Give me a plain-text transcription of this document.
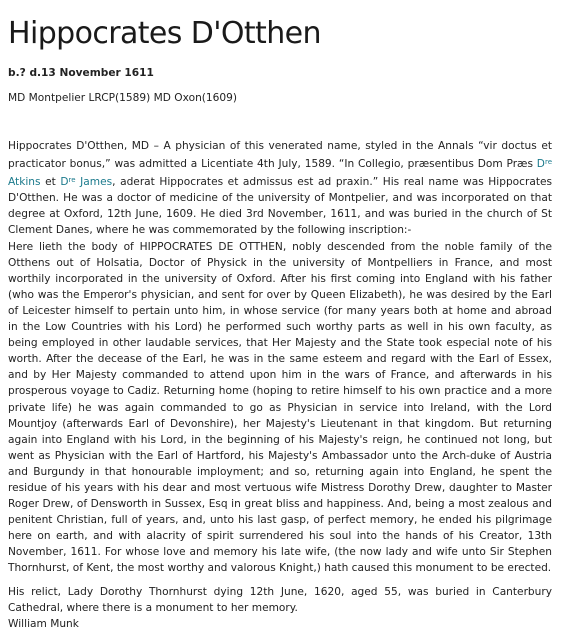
Hippocrates D'Otthen
b.? d.13 November 1611
MD Montpelier LRCP(1589) MD Oxon(1609)

Hippocrates D'Otthen, MD – A physician of this venerated name, styled in the Annals “vir doctus et practicator bonus,” was admitted a Licentiate 4th July, 1589. “In Collegio, præsentibus Dom Præs Dre Atkins et Dre James, aderat Hippocrates et admissus est ad praxin.” His real name was Hippocrates D'Otthen. He was a doctor of medicine of the university of Montpelier, and was incorporated on that degree at Oxford, 12th June, 1609. He died 3rd November, 1611, and was buried in the church of St Clement Danes, where he was commemorated by the following inscription:-

Here lieth the body of HIPPOCRATES DE OTTHEN, nobly descended from the noble family of the Otthens out of Holsatia, Doctor of Physick in the university of Montpelliers in France, and most worthily incorporated in the university of Oxford. After his first coming into England with his father (who was the Emperor's physician, and sent for over by Queen Elizabeth), he was desired by the Earl of Leicester himself to pertain unto him, in whose service (for many years both at home and abroad in the Low Countries with his Lord) he performed such worthy parts as well in his own faculty, as being employed in other laudable services, that Her Majesty and the State took especial note of his worth. After the decease of the Earl, he was in the same esteem and regard with the Earl of Essex, and by Her Majesty commanded to attend upon him in the wars of France, and afterwards in his prosperous voyage to Cadiz. Returning home (hoping to retire himself to his own practice and a more private life) he was again commanded to go as Physician in service into Ireland, with the Lord Mountjoy (afterwards Earl of Devonshire), her Majesty's Lieutenant in that kingdom. But returning again into England with his Lord, in the beginning of his Majesty's reign, he continued not long, but went as Physician with the Earl of Hartford, his Majesty's Ambassador unto the Arch-duke of Austria and Burgundy in that honourable imployment; and so, returning again into England, he spent the residue of his years with his dear and most vertuous wife Mistress Dorothy Drew, daughter to Master Roger Drew, of Densworth in Sussex, Esq in great bliss and happiness. And, being a most zealous and penitent Christian, full of years, and, unto his last gasp, of perfect memory, he ended his pilgrimage here on earth, and with alacrity of spirit surrendered his soul into the hands of his Creator, 13th November, 1611. For whose love and memory his late wife, (the now lady and wife unto Sir Stephen Thornhurst, of Kent, the most worthy and valorous Knight,) hath caused this monument to be erected.

His relict, Lady Dorothy Thornhurst dying 12th June, 1620, aged 55, was buried in Canterbury Cathedral, where there is a monument to her memory.

William Munk
